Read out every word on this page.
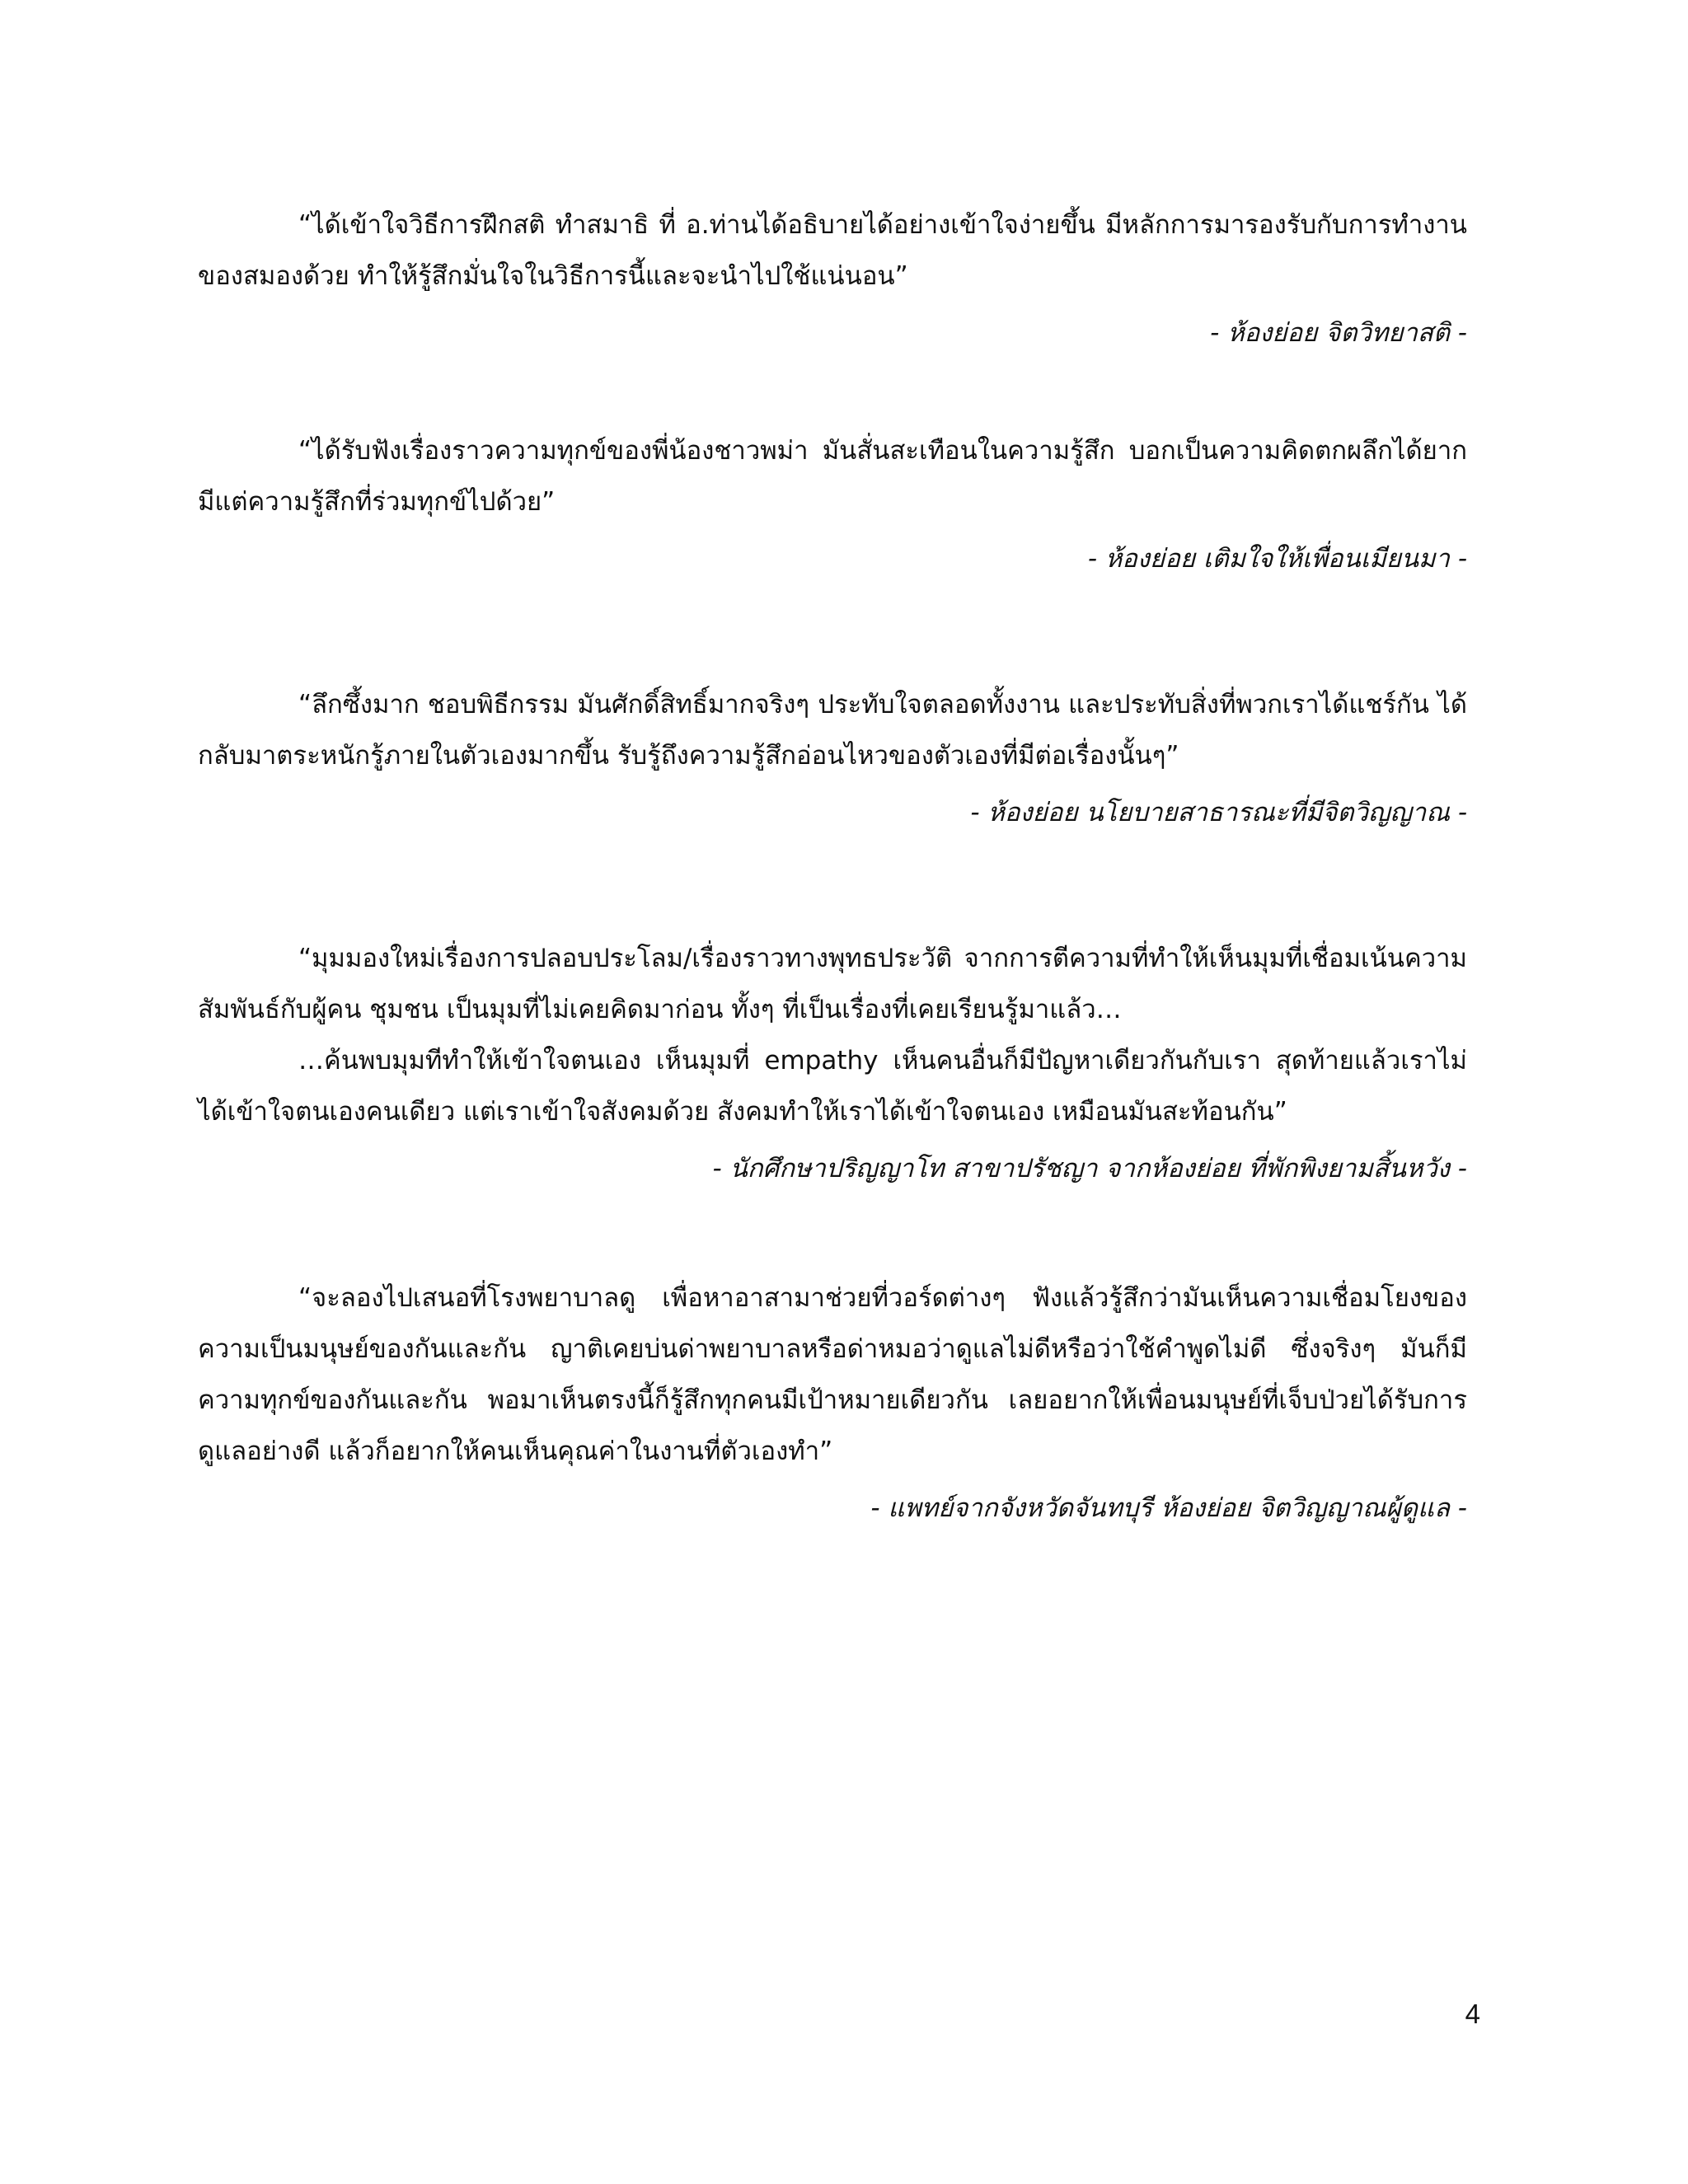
“ได้เข้าใจวิธีการฝึกสติ ทำสมาธิ ที่ อ.ท่านได้อธิบายได้อย่างเข้าใจง่ายขึ้น มีหลักการมารองรับกับการทำงานของสมองด้วย ทำให้รู้สึกมั่นใจในวิธีการนี้และจะนำไปใช้แน่นอน”

- ห้องย่อย จิตวิทยาสติ -

“ได้รับฟังเรื่องราวความทุกข์ของพี่น้องชาวพม่า มันสั่นสะเทือนในความรู้สึก บอกเป็นความคิดตกผลึกได้ยาก มีแต่ความรู้สึกที่ร่วมทุกข์ไปด้วย”

- ห้องย่อย เติมใจให้เพื่อนเมียนมา -

“ลึกซึ้งมาก ชอบพิธีกรรม มันศักดิ์สิทธิ์มากจริงๆ ประทับใจตลอดทั้งงาน และประทับสิ่งที่พวกเราได้แชร์กัน ได้กลับมาตระหนักรู้ภายในตัวเองมากขึ้น รับรู้ถึงความรู้สึกอ่อนไหวของตัวเองที่มีต่อเรื่องนั้นๆ”

- ห้องย่อย นโยบายสาธารณะที่มีจิตวิญญาณ -

“มุมมองใหม่เรื่องการปลอบประโลม/เรื่องราวทางพุทธประวัติ จากการตีความที่ทำให้เห็นมุมที่เชื่อมเน้นความสัมพันธ์กับผู้คน ชุมชน เป็นมุมที่ไม่เคยคิดมาก่อน ทั้งๆ ที่เป็นเรื่องที่เคยเรียนรู้มาแล้ว…

…ค้นพบมุมทีทำให้เข้าใจตนเอง เห็นมุมที่ empathy เห็นคนอื่นก็มีปัญหาเดียวกันกับเรา สุดท้ายแล้วเราไม่ได้เข้าใจตนเองคนเดียว แต่เราเข้าใจสังคมด้วย สังคมทำให้เราได้เข้าใจตนเอง เหมือนมันสะท้อนกัน”

- นักศึกษาปริญญาโท สาขาปรัชญา จากห้องย่อย ที่พักพิงยามสิ้นหวัง -

“จะลองไปเสนอที่โรงพยาบาลดู เพื่อหาอาสามาช่วยที่วอร์ดต่างๆ ฟังแล้วรู้สึกว่ามันเห็นความเชื่อมโยงของความเป็นมนุษย์ของกันและกัน ญาติเคยบ่นด่าพยาบาลหรือด่าหมอว่าดูแลไม่ดีหรือว่าใช้คำพูดไม่ดี ซึ่งจริงๆ มันก็มีความทุกข์ของกันและกัน พอมาเห็นตรงนี้ก็รู้สึกทุกคนมีเป้าหมายเดียวกัน เลยอยากให้เพื่อนมนุษย์ที่เจ็บป่วยได้รับการดูแลอย่างดี แล้วก็อยากให้คนเห็นคุณค่าในงานที่ตัวเองทำ”

- แพทย์จากจังหวัดจันทบุรี ห้องย่อย จิตวิญญาณผู้ดูแล -

4
